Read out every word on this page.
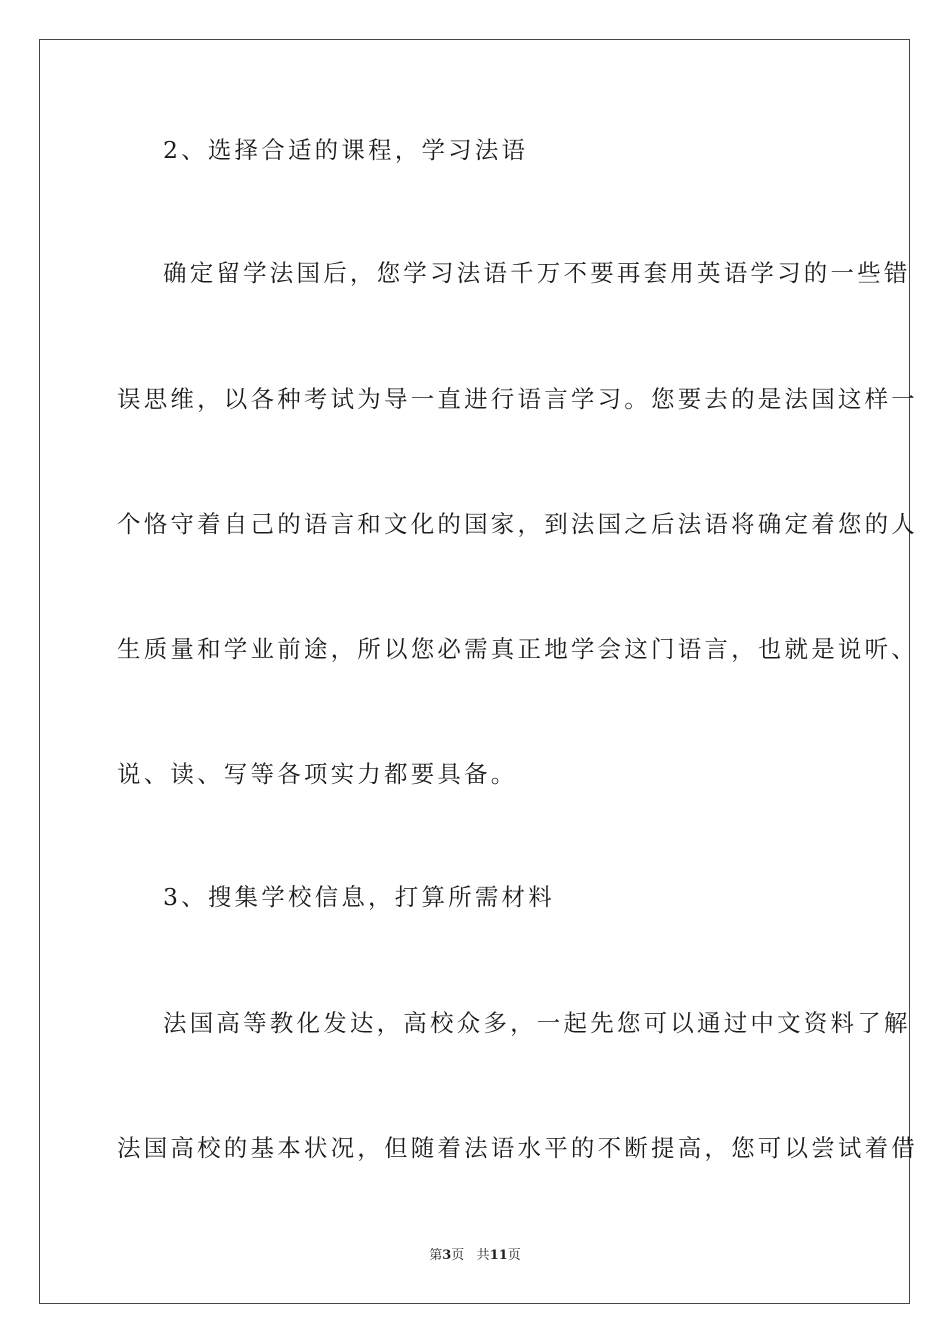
2、选择合适的课程，学习法语
确定留学法国后，您学习法语千万不要再套用英语学习的一些错
误思维，以各种考试为导一直进行语言学习。您要去的是法国这样一
个恪守着自己的语言和文化的国家，到法国之后法语将确定着您的人
生质量和学业前途，所以您必需真正地学会这门语言，也就是说听、
说、读、写等各项实力都要具备。
3、搜集学校信息，打算所需材料
法国高等教化发达，高校众多，一起先您可以通过中文资料了解
法国高校的基本状况，但随着法语水平的不断提高，您可以尝试着借
第3页 共11页
